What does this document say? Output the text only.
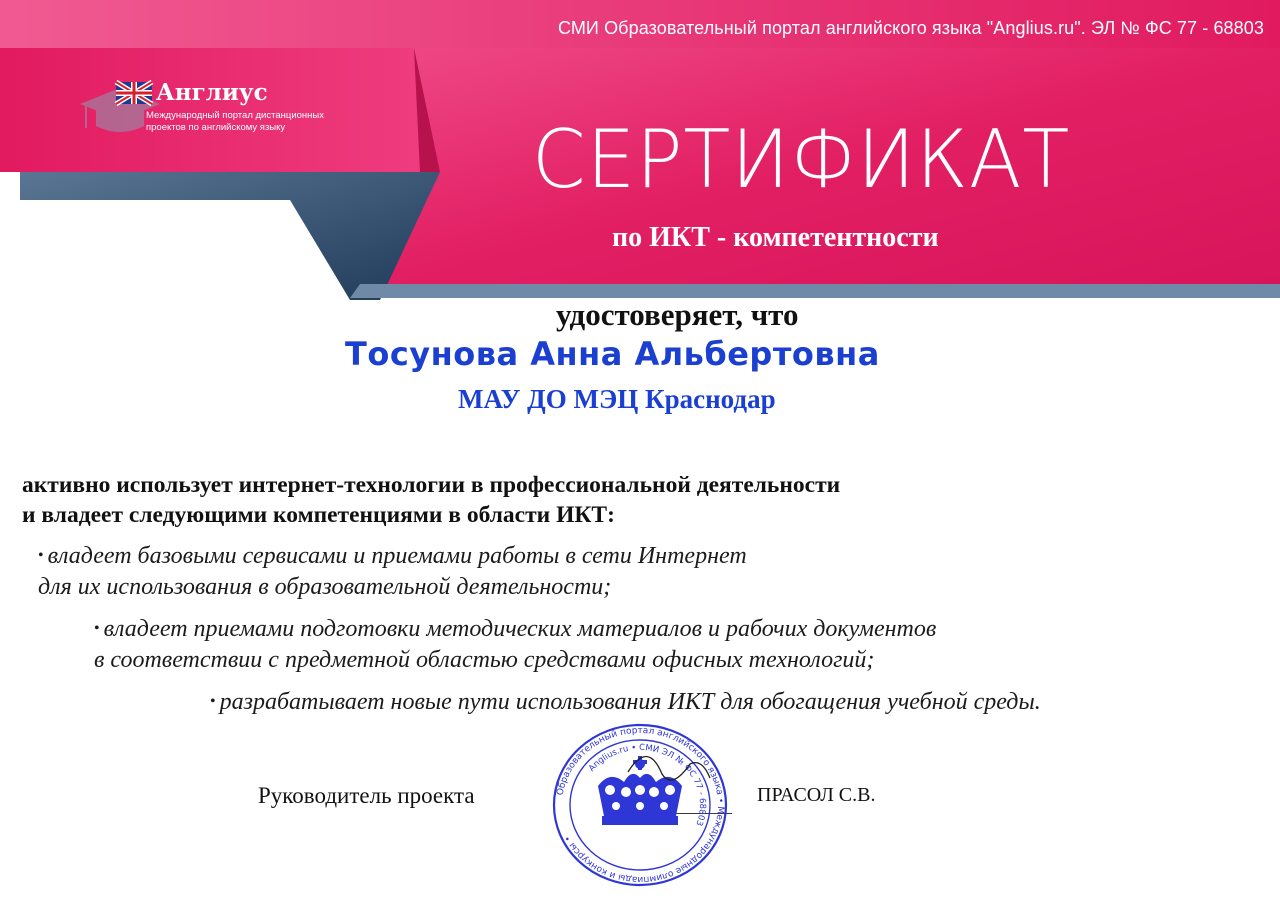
СМИ Образовательный портал английского языка "Anglius.ru". ЭЛ № ФС 77 - 68803
Англиус
Международный портал дистанционных
проектов по английскому языку	СЕРТИФИКАТ
по ИКТ - компетентности
удостоверяет, что
Тосунова Анна Альбертовна
МАУ ДО МЭЦ Краснодар
активно использует интернет-технологии в профессиональной деятельности
и владеет следующими компетенциями в области ИКТ:
• владеет базовыми сервисами и приемами работы в сети Интернет
для их использования в образовательной деятельности;
• владеет приемами подготовки методических материалов и рабочих документов
в соответствии с предметной областью средствами офисных технологий;
• разрабатывает новые пути использования ИКТ для обогащения учебной среды.
Руководитель проекта	ПРАСОЛ С.В.
Образовательный портал английского языка • Международные олимпиады и конкурсы •
Anglius.ru • СМИ ЭЛ № ФС 77 - 68803
